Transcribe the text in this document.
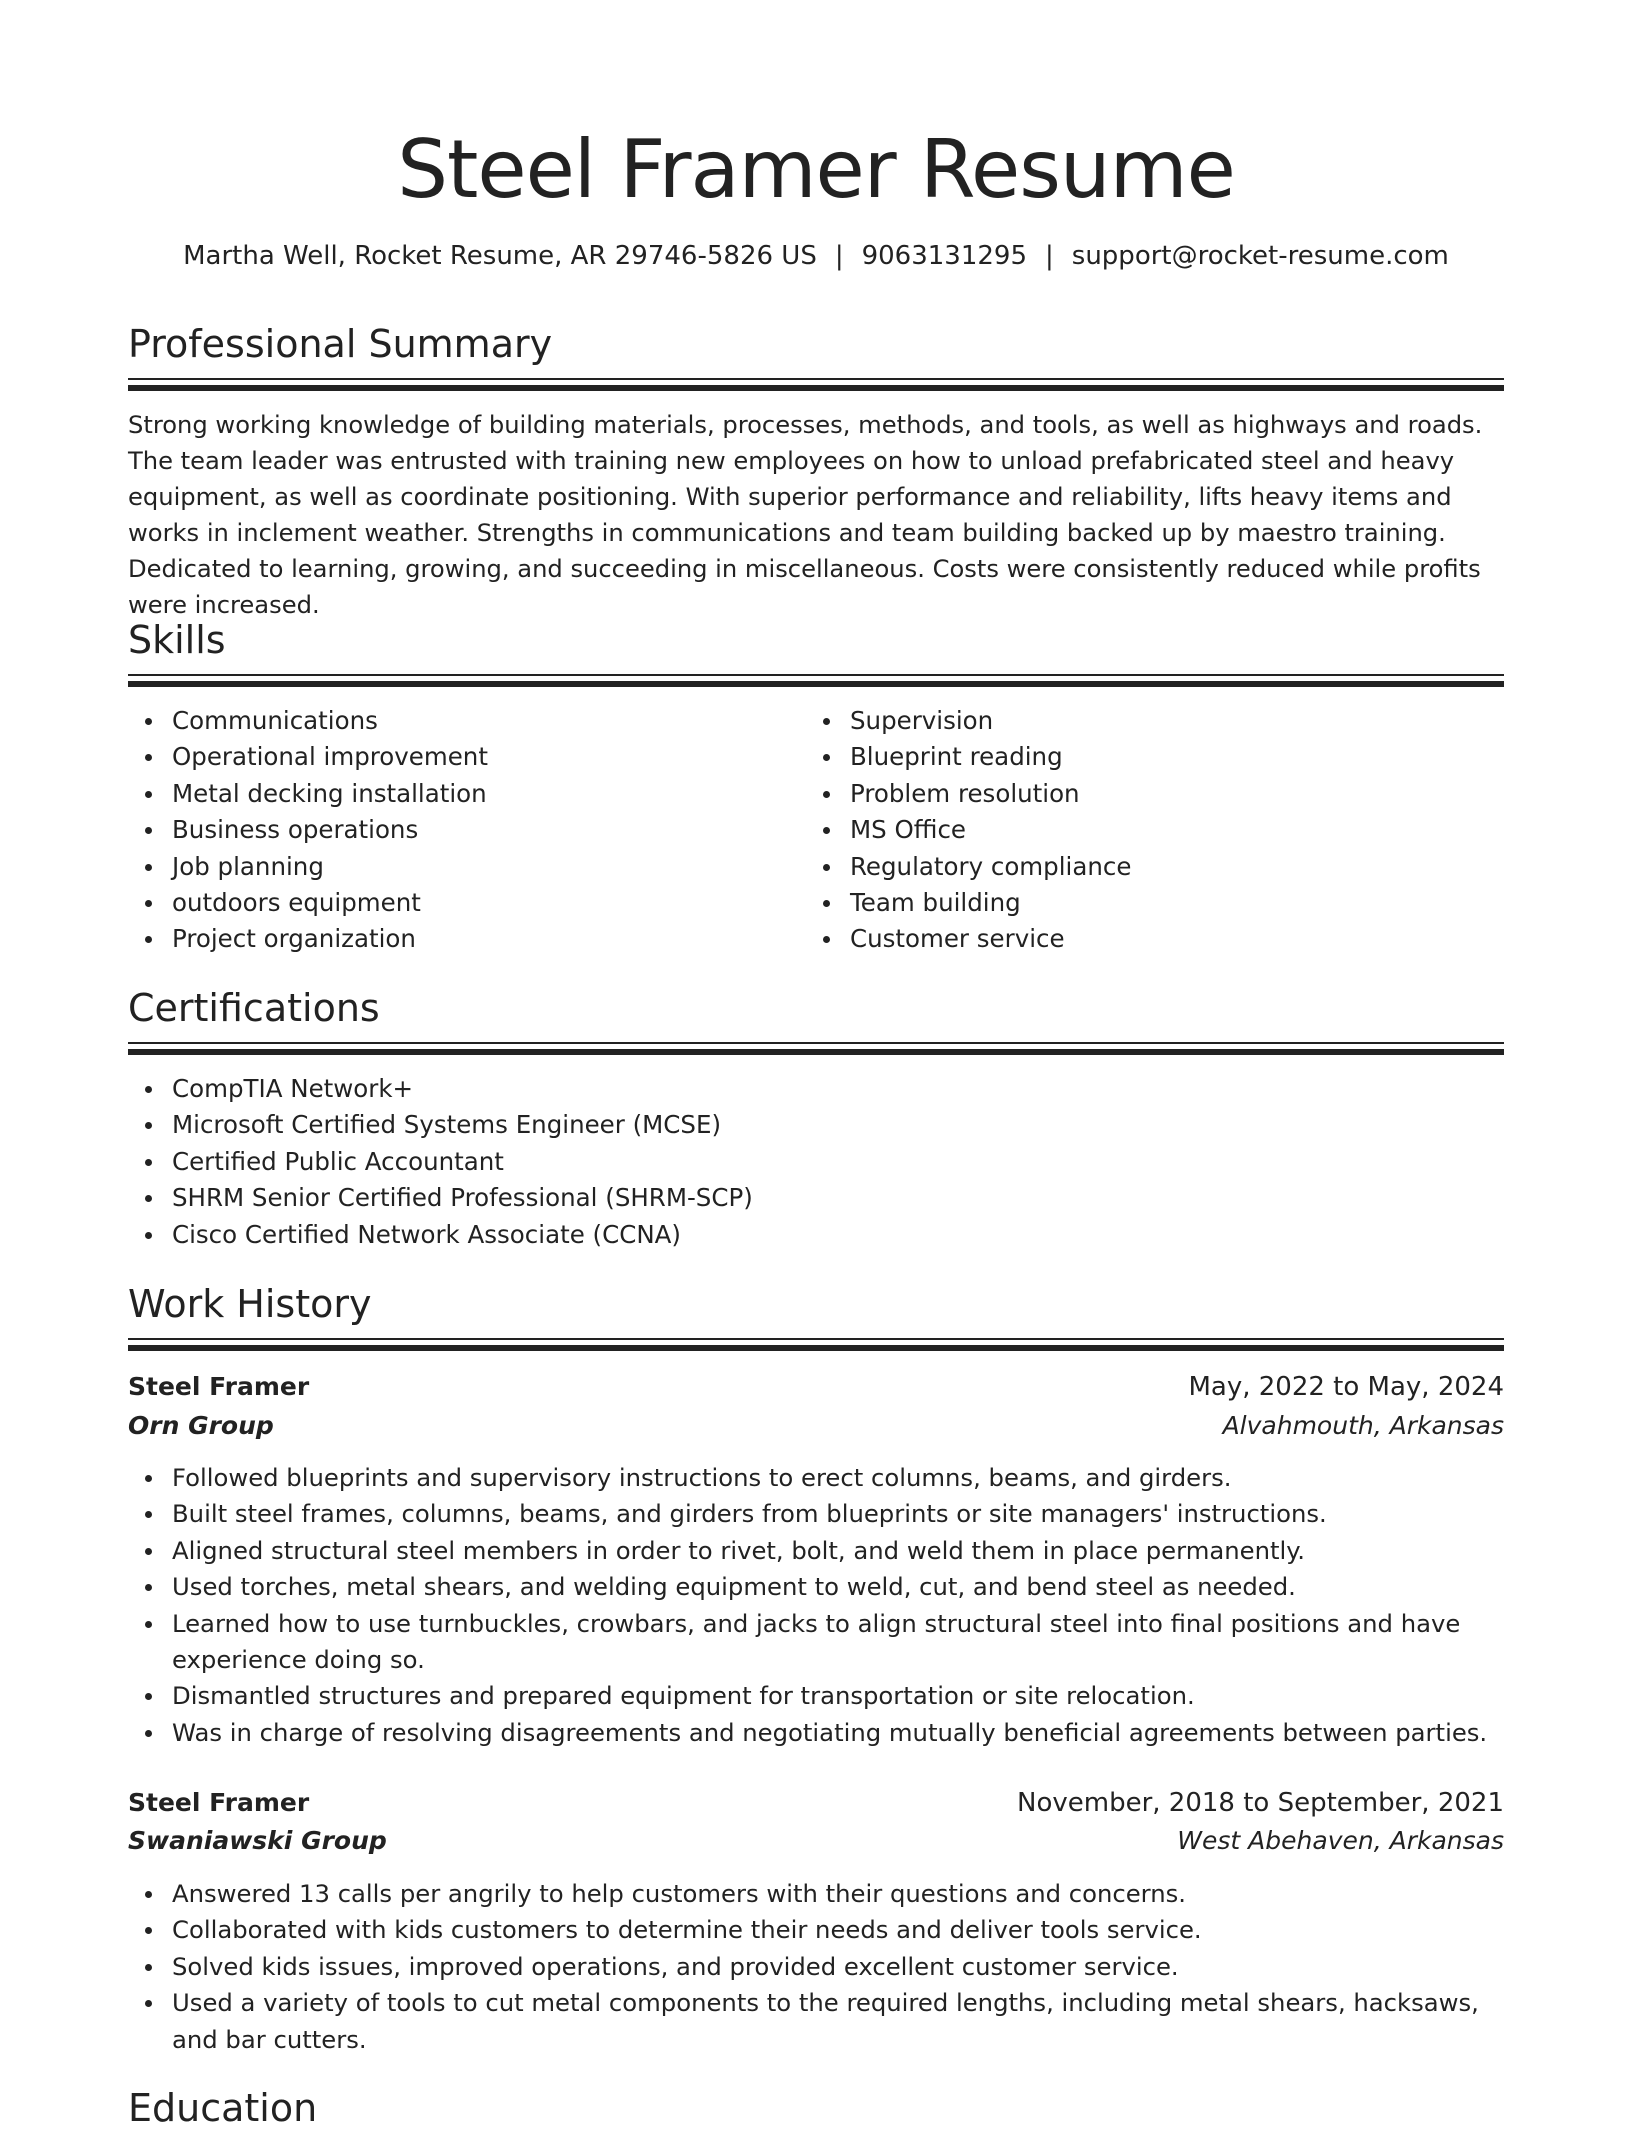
Steel Framer Resume
Martha Well, Rocket Resume, AR 29746-5826 US | 9063131295 | support@rocket-resume.com
Professional Summary

Strong working knowledge of building materials, processes, methods, and tools, as well as highways and roads. The team leader was entrusted with training new employees on how to unload prefabricated steel and heavy equipment, as well as coordinate positioning. With superior performance and reliability, lifts heavy items and works in inclement weather. Strengths in communications and team building backed up by maestro training. Dedicated to learning, growing, and succeeding in miscellaneous. Costs were consistently reduced while profits were increased.

Skills
Communications
Operational improvement
Metal decking installation
Business operations
Job planning
outdoors equipment
Project organization
Supervision
Blueprint reading
Problem resolution
MS Office
Regulatory compliance
Team building
Customer service
Certifications
CompTIA Network+
Microsoft Certified Systems Engineer (MCSE)
Certified Public Accountant
SHRM Senior Certified Professional (SHRM-SCP)
Cisco Certified Network Associate (CCNA)
Work History
Steel Framer	May, 2022 to May, 2024
Orn Group	Alvahmouth, Arkansas
Followed blueprints and supervisory instructions to erect columns, beams, and girders.
Built steel frames, columns, beams, and girders from blueprints or site managers' instructions.
Aligned structural steel members in order to rivet, bolt, and weld them in place permanently.
Used torches, metal shears, and welding equipment to weld, cut, and bend steel as needed.
Learned how to use turnbuckles, crowbars, and jacks to align structural steel into final positions and have experience doing so.
Dismantled structures and prepared equipment for transportation or site relocation.
Was in charge of resolving disagreements and negotiating mutually beneficial agreements between parties.
Steel Framer	November, 2018 to September, 2021
Swaniawski Group	West Abehaven, Arkansas
Answered 13 calls per angrily to help customers with their questions and concerns.
Collaborated with kids customers to determine their needs and deliver tools service.
Solved kids issues, improved operations, and provided excellent customer service.
Used a variety of tools to cut metal components to the required lengths, including metal shears, hacksaws, and bar cutters.
Education
